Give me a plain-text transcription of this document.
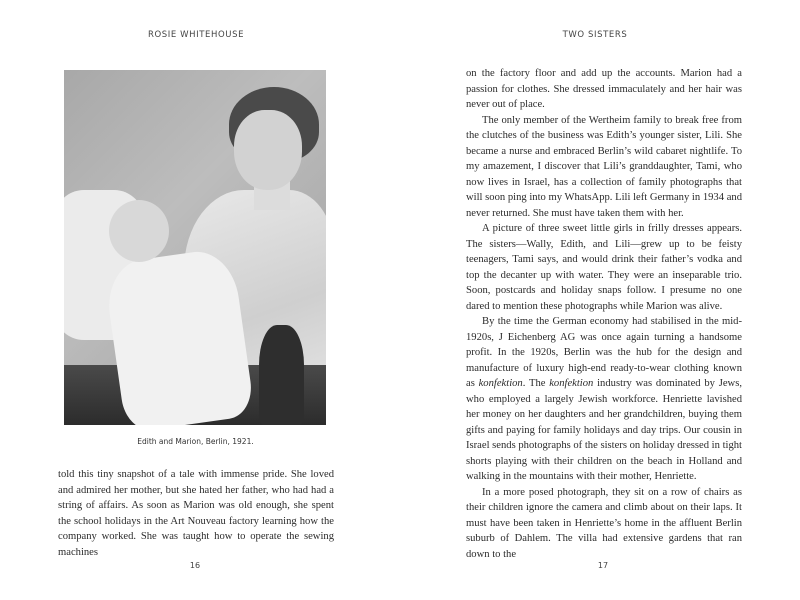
ROSIE WHITEHOUSE
Edith and Marion, Berlin, 1921.

told this tiny snapshot of a tale with immense pride. She loved and admired her mother, but she hated her father, who had had a string of affairs. As soon as Marion was old enough, she spent the school holidays in the Art Nouveau factory learning how the company worked. She was taught how to operate the sewing machines

16
TWO SISTERS

on the factory floor and add up the accounts. Marion had a passion for clothes. She dressed immaculately and her hair was never out of place.

The only member of the Wertheim family to break free from the clutches of the business was Edith’s younger sister, Lili. She became a nurse and embraced Berlin’s wild cabaret nightlife. To my amazement, I discover that Lili’s granddaughter, Tami, who now lives in Israel, has a collection of family photographs that will soon ping into my WhatsApp. Lili left Germany in 1934 and never returned. She must have taken them with her.

A picture of three sweet little girls in frilly dresses appears. The sisters—Wally, Edith, and Lili—grew up to be feisty teenagers, Tami says, and would drink their father’s vodka and top the decanter up with water. They were an inseparable trio. Soon, postcards and holiday snaps follow. I presume no one dared to mention these photographs while Marion was alive.

By the time the German economy had stabilised in the mid-1920s, J Eichenberg AG was once again turning a handsome profit. In the 1920s, Berlin was the hub for the design and manufacture of luxury high-end ready-to-wear clothing known as konfektion. The konfektion industry was dominated by Jews, who employed a largely Jewish workforce. Henriette lavished her money on her daughters and her grandchildren, buying them gifts and paying for family holidays and day trips. Our cousin in Israel sends photographs of the sisters on holiday dressed in tight shorts playing with their children on the beach in Holland and walking in the mountains with their mother, Henriette.

In a more posed photograph, they sit on a row of chairs as their children ignore the camera and climb about on their laps. It must have been taken in Henriette’s home in the affluent Berlin suburb of Dahlem. The villa had extensive gardens that ran down to the

17
